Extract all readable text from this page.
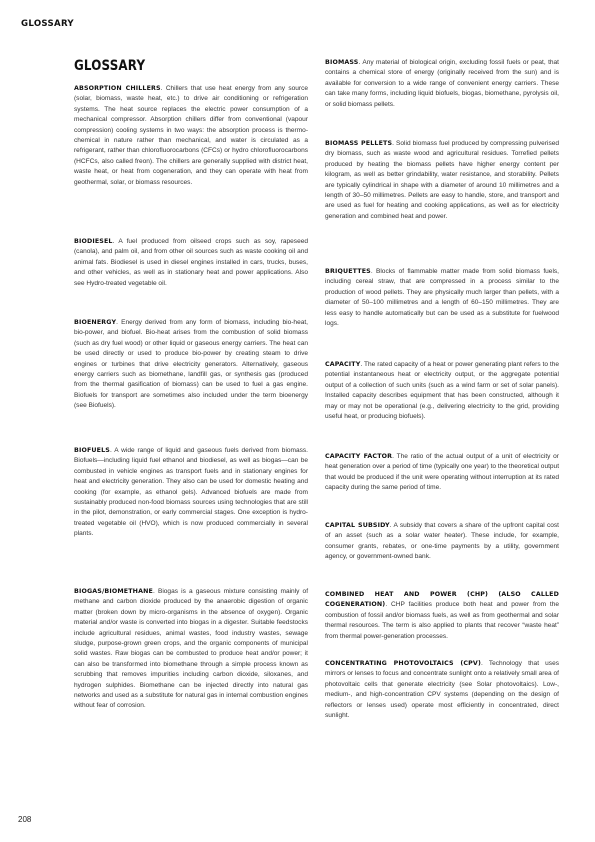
GLOSSARY
GLOSSARY

ABSORPTION CHILLERS. Chillers that use heat energy from any source (solar, biomass, waste heat, etc.) to drive air conditioning or refrigeration systems. The heat source replaces the electric power consumption of a mechanical compressor. Absorption chillers differ from conventional (vapour compression) cooling systems in two ways: the absorption process is thermo-chemical in nature rather than mechanical, and water is circulated as a refrigerant, rather than chlorofluorocarbons (CFCs) or hydro chlorofluorocarbons (HCFCs, also called freon). The chillers are generally supplied with district heat, waste heat, or heat from cogeneration, and they can operate with heat from geothermal, solar, or biomass resources.

BIODIESEL. A fuel produced from oilseed crops such as soy, rapeseed (canola), and palm oil, and from other oil sources such as waste cooking oil and animal fats. Biodiesel is used in diesel engines installed in cars, trucks, buses, and other vehicles, as well as in stationary heat and power applications. Also see Hydro-treated vegetable oil.

BIOENERGY. Energy derived from any form of biomass, including bio-heat, bio-power, and biofuel. Bio-heat arises from the combustion of solid biomass (such as dry fuel wood) or other liquid or gaseous energy carriers. The heat can be used directly or used to produce bio-power by creating steam to drive engines or turbines that drive electricity generators. Alternatively, gaseous energy carriers such as biomethane, landfill gas, or synthesis gas (produced from the thermal gasification of biomass) can be used to fuel a gas engine. Biofuels for transport are sometimes also included under the term bioenergy (see Biofuels).

BIOFUELS. A wide range of liquid and gaseous fuels derived from biomass. Biofuels—including liquid fuel ethanol and biodiesel, as well as biogas—can be combusted in vehicle engines as transport fuels and in stationary engines for heat and electricity generation. They also can be used for domestic heating and cooking (for example, as ethanol gels). Advanced biofuels are made from sustainably produced non-food biomass sources using technologies that are still in the pilot, demonstration, or early commercial stages. One exception is hydro-treated vegetable oil (HVO), which is now produced commercially in several plants.

BIOGAS/BIOMETHANE. Biogas is a gaseous mixture consisting mainly of methane and carbon dioxide produced by the anaerobic digestion of organic matter (broken down by micro-organisms in the absence of oxygen). Organic material and/or waste is converted into biogas in a digester. Suitable feedstocks include agricultural residues, animal wastes, food industry wastes, sewage sludge, purpose-grown green crops, and the organic components of municipal solid wastes. Raw biogas can be combusted to produce heat and/or power; it can also be transformed into biomethane through a simple process known as scrubbing that removes impurities including carbon dioxide, siloxanes, and hydrogen sulphides. Biomethane can be injected directly into natural gas networks and used as a substitute for natural gas in internal combustion engines without fear of corrosion.

BIOMASS. Any material of biological origin, excluding fossil fuels or peat, that contains a chemical store of energy (originally received from the sun) and is available for conversion to a wide range of convenient energy carriers. These can take many forms, including liquid biofuels, biogas, biomethane, pyrolysis oil, or solid biomass pellets.

BIOMASS PELLETS. Solid biomass fuel produced by compressing pulverised dry biomass, such as waste wood and agricultural residues. Torrefied pellets produced by heating the biomass pellets have higher energy content per kilogram, as well as better grindability, water resistance, and storability. Pellets are typically cylindrical in shape with a diameter of around 10 millimetres and a length of 30–50 millimetres. Pellets are easy to handle, store, and transport and are used as fuel for heating and cooking applications, as well as for electricity generation and combined heat and power.

BRIQUETTES. Blocks of flammable matter made from solid biomass fuels, including cereal straw, that are compressed in a process similar to the production of wood pellets. They are physically much larger than pellets, with a diameter of 50–100 millimetres and a length of 60–150 millimetres. They are less easy to handle automatically but can be used as a substitute for fuelwood logs.

CAPACITY. The rated capacity of a heat or power generating plant refers to the potential instantaneous heat or electricity output, or the aggregate potential output of a collection of such units (such as a wind farm or set of solar panels). Installed capacity describes equipment that has been constructed, although it may or may not be operational (e.g., delivering electricity to the grid, providing useful heat, or producing biofuels).

CAPACITY FACTOR. The ratio of the actual output of a unit of electricity or heat generation over a period of time (typically one year) to the theoretical output that would be produced if the unit were operating without interruption at its rated capacity during the same period of time.

CAPITAL SUBSIDY. A subsidy that covers a share of the upfront capital cost of an asset (such as a solar water heater). These include, for example, consumer grants, rebates, or one-time payments by a utility, government agency, or government-owned bank.

COMBINED HEAT AND POWER (CHP) (ALSO CALLED COGENERATION). CHP facilities produce both heat and power from the combustion of fossil and/or biomass fuels, as well as from geothermal and solar thermal resources. The term is also applied to plants that recover “waste heat” from thermal power-generation processes.

CONCENTRATING PHOTOVOLTAICS (CPV). Technology that uses mirrors or lenses to focus and concentrate sunlight onto a relatively small area of photovoltaic cells that generate electricity (see Solar photovoltaics). Low-, medium-, and high-concentration CPV systems (depending on the design of reflectors or lenses used) operate most efficiently in concentrated, direct sunlight.

208
